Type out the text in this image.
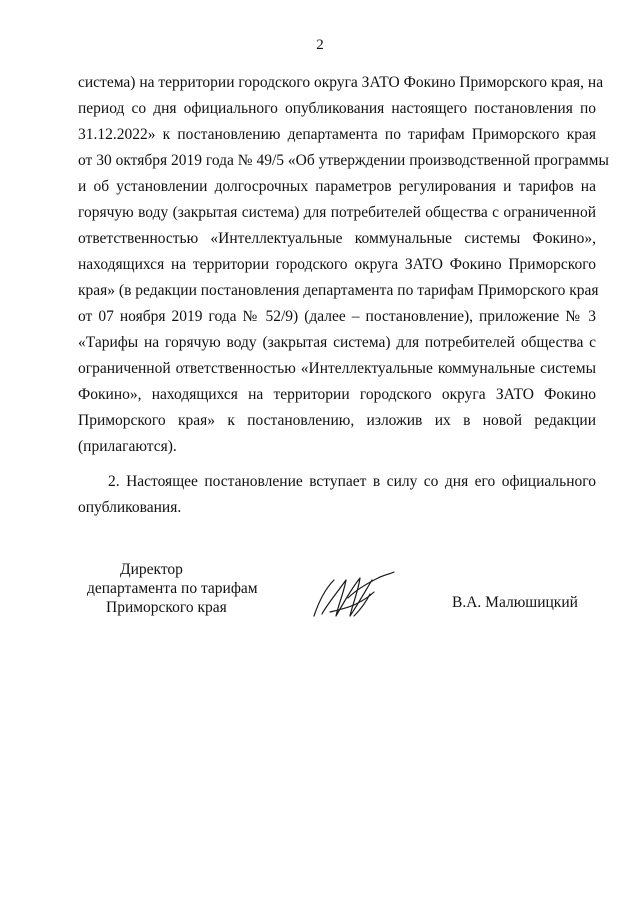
2
система) на территории городского округа ЗАТО Фокино Приморского края, на
период со дня официального опубликования настоящего постановления по
31.12.2022» к постановлению департамента по тарифам Приморского края
от 30 октября 2019 года № 49/5 «Об утверждении производственной программы
и об установлении долгосрочных параметров регулирования и тарифов на
горячую воду (закрытая система) для потребителей общества с ограниченной
ответственностью «Интеллектуальные коммунальные системы Фокино»,
находящихся на территории городского округа ЗАТО Фокино Приморского
края» (в редакции постановления департамента по тарифам Приморского края
от 07 ноября 2019 года № 52/9) (далее – постановление), приложение № 3
«Тарифы на горячую воду (закрытая система) для потребителей общества с
ограниченной ответственностью «Интеллектуальные коммунальные системы
Фокино», находящихся на территории городского округа ЗАТО Фокино
Приморского края» к постановлению, изложив их в новой редакции
(прилагаются).
2. Настоящее постановление вступает в силу со дня его официального
опубликования.
Директор
департамента по тарифам
Приморского края	В.А. Малюшицкий
